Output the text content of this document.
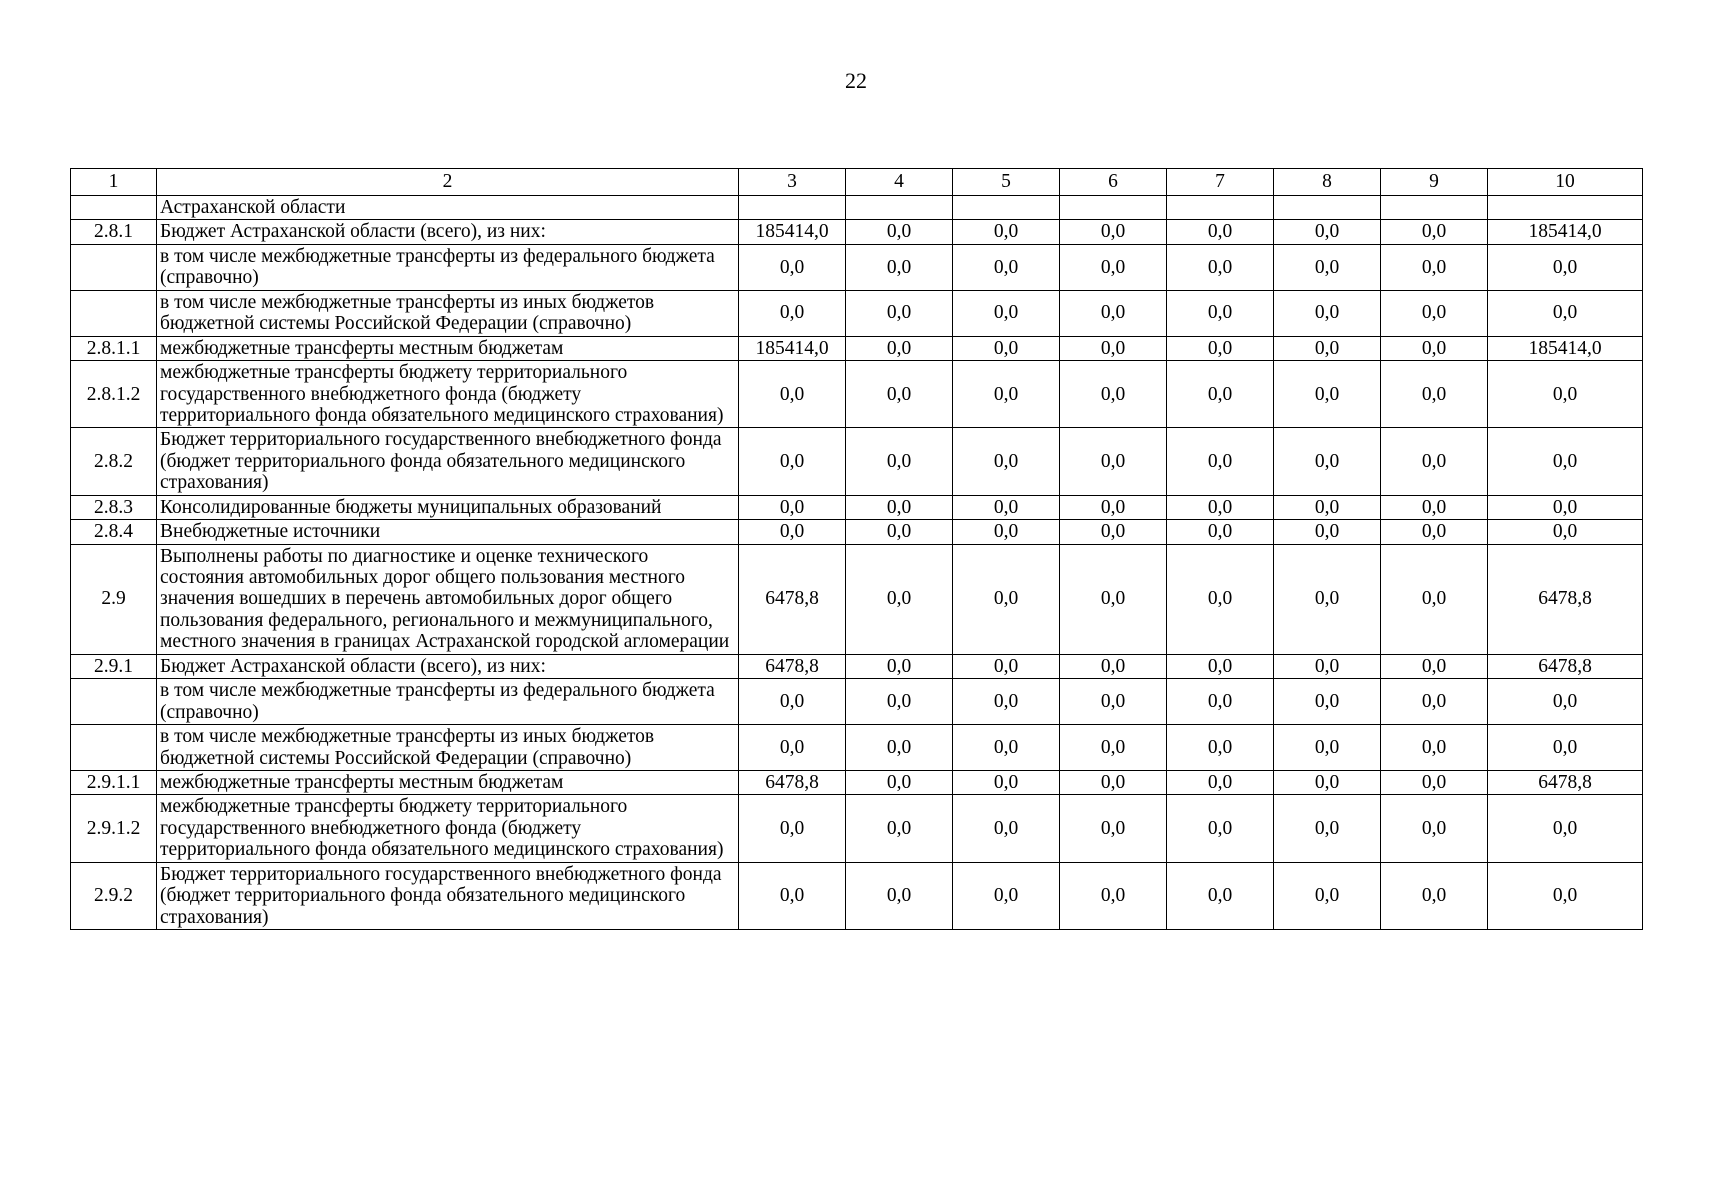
22
1	2	3	4	5	6	7	8	9	10
	Астраханской области								
2.8.1	Бюджет Астраханской области (всего), из них:	185414,0	0,0	0,0	0,0	0,0	0,0	0,0	185414,0
	в том числе межбюджетные трансферты из федерального бюджета (справочно)	0,0	0,0	0,0	0,0	0,0	0,0	0,0	0,0
	в том числе межбюджетные трансферты из иных бюджетов бюджетной системы Российской Федерации (справочно)	0,0	0,0	0,0	0,0	0,0	0,0	0,0	0,0
2.8.1.1	межбюджетные трансферты местным бюджетам	185414,0	0,0	0,0	0,0	0,0	0,0	0,0	185414,0
2.8.1.2	межбюджетные трансферты бюджету территориального государственного внебюджетного фонда (бюджету территориального фонда обязательного медицинского страхования)	0,0	0,0	0,0	0,0	0,0	0,0	0,0	0,0
2.8.2	Бюджет территориального государственного внебюджетного фонда (бюджет территориального фонда обязательного медицинского страхования)	0,0	0,0	0,0	0,0	0,0	0,0	0,0	0,0
2.8.3	Консолидированные бюджеты муниципальных образований	0,0	0,0	0,0	0,0	0,0	0,0	0,0	0,0
2.8.4	Внебюджетные источники	0,0	0,0	0,0	0,0	0,0	0,0	0,0	0,0
2.9	Выполнены работы по диагностике и оценке технического состояния автомобильных дорог общего пользования местного значения вошедших в перечень автомобильных дорог общего пользования федерального, регионального и межмуниципального, местного значения в границах Астраханской городской агломерации	6478,8	0,0	0,0	0,0	0,0	0,0	0,0	6478,8
2.9.1	Бюджет Астраханской области (всего), из них:	6478,8	0,0	0,0	0,0	0,0	0,0	0,0	6478,8
	в том числе межбюджетные трансферты из федерального бюджета (справочно)	0,0	0,0	0,0	0,0	0,0	0,0	0,0	0,0
	в том числе межбюджетные трансферты из иных бюджетов бюджетной системы Российской Федерации (справочно)	0,0	0,0	0,0	0,0	0,0	0,0	0,0	0,0
2.9.1.1	межбюджетные трансферты местным бюджетам	6478,8	0,0	0,0	0,0	0,0	0,0	0,0	6478,8
2.9.1.2	межбюджетные трансферты бюджету территориального государственного внебюджетного фонда (бюджету территориального фонда обязательного медицинского страхования)	0,0	0,0	0,0	0,0	0,0	0,0	0,0	0,0
2.9.2	Бюджет территориального государственного внебюджетного фонда (бюджет территориального фонда обязательного медицинского страхования)	0,0	0,0	0,0	0,0	0,0	0,0	0,0	0,0
